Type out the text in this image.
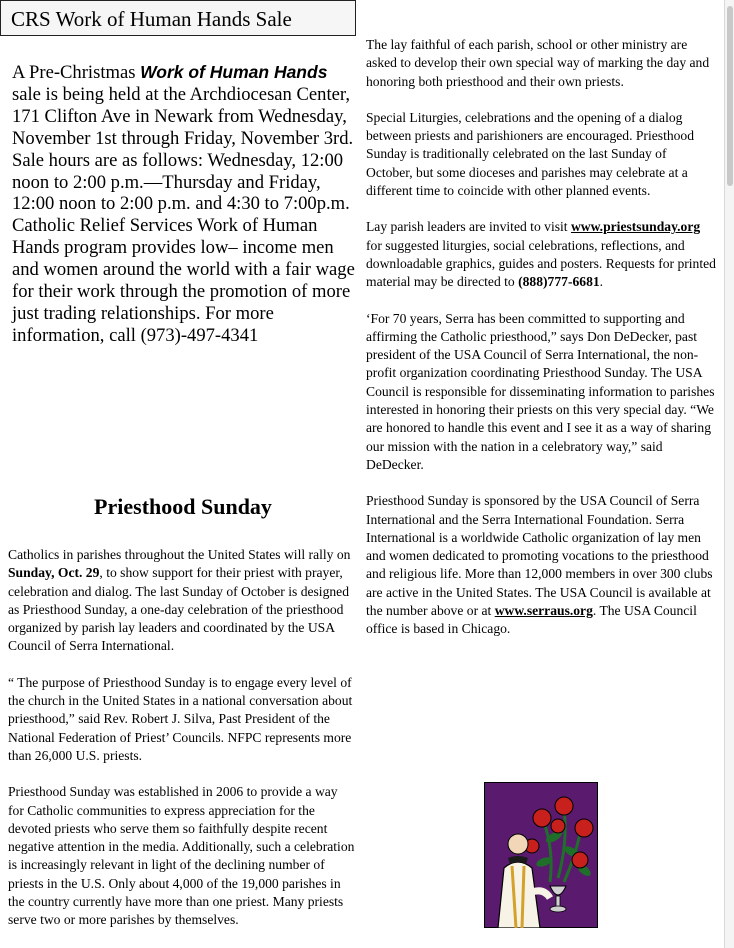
CRS Work of Human Hands Sale
A Pre-Christmas Work of Human Hands sale is being held at the Archdiocesan Center, 171 Clifton Ave in Newark from Wednesday, November 1st through Friday, November 3rd. Sale hours are as follows: Wednesday, 12:00 noon to 2:00 p.m.—Thursday and Friday, 12:00 noon to 2:00 p.m. and 4:30 to 7:00p.m. Catholic Relief Services Work of Human Hands program provides low– income men and women around the world with a fair wage for their work through the promotion of more just trading relationships. For more information, call (973)-497-4341
Priesthood Sunday

Catholics in parishes throughout the United States will rally on Sunday, Oct. 29, to show support for their priest with prayer, celebration and dialog. The last Sunday of October is designed as Priesthood Sunday, a one-day celebration of the priesthood organized by parish lay leaders and coordinated by the USA Council of Serra International.

“ The purpose of Priesthood Sunday is to engage every level of the church in the United States in a national conversation about priesthood,” said Rev. Robert J. Silva, Past President of the National Federation of Priest’ Councils. NFPC represents more than 26,000 U.S. priests.

Priesthood Sunday was established in 2006 to provide a way for Catholic communities to express appreciation for the devoted priests who serve them so faithfully despite recent negative attention in the media. Additionally, such a celebration is increasingly relevant in light of the declining number of priests in the U.S. Only about 4,000 of the 19,000 parishes in the country currently have more than one priest. Many priests serve two or more parishes by themselves.

The lay faithful of each parish, school or other ministry are asked to develop their own special way of marking the day and honoring both priesthood and their own priests.

Special Liturgies, celebrations and the opening of a dialog between priests and parishioners are encouraged. Priesthood Sunday is traditionally celebrated on the last Sunday of October, but some dioceses and parishes may celebrate at a different time to coincide with other planned events.

Lay parish leaders are invited to visit www.priestsunday.org for suggested liturgies, social celebrations, reflections, and downloadable graphics, guides and posters. Requests for printed material may be directed to (888)777-6681.

‘For 70 years, Serra has been committed to supporting and affirming the Catholic priesthood,” says Don DeDecker, past president of the USA Council of Serra International, the non-profit organization coordinating Priesthood Sunday. The USA Council is responsible for disseminating information to parishes interested in honoring their priests on this very special day. “We are honored to handle this event and I see it as a way of sharing our mission with the nation in a celebratory way,” said DeDecker.

Priesthood Sunday is sponsored by the USA Council of Serra International and the Serra International Foundation. Serra International is a worldwide Catholic organization of lay men and women dedicated to promoting vocations to the priesthood and religious life. More than 12,000 members in over 300 clubs are active in the United States. The USA Council is available at the number above or at www.serraus.org. The USA Council office is based in Chicago.
